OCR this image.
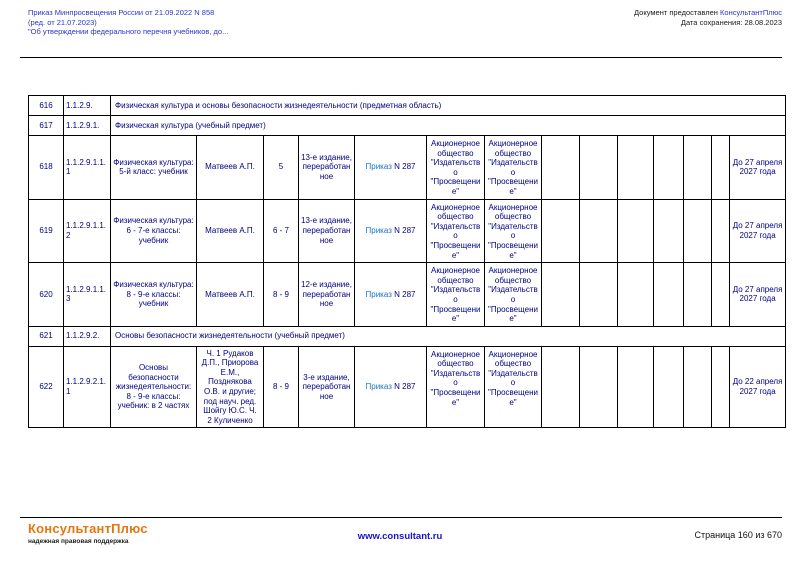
Приказ Минпросвещения России от 21.09.2022 N 858
(ред. от 21.07.2023)
"Об утверждении федерального перечня учебников, до...
Документ предоставлен КонсультантПлюс
Дата сохранения: 28.08.2023
616	1.1.2.9.	Физическая культура и основы безопасности жизнедеятельности (предметная область)													
617	1.1.2.9.1.	Физическая культура (учебный предмет)													
618	1.1.2.9.1.1.1	Физическая культура: 5-й класс: учебник	Матвеев А.П.	5	13-е издание, переработанное	Приказ N 287	Акционерное общество "Издательство "Просвещение"	Акционерное общество "Издательство "Просвещение"							До 27 апреля 2027 года
619	1.1.2.9.1.1.2	Физическая культура: 6 - 7-е классы: учебник	Матвеев А.П.	6 - 7	13-е издание, переработанное	Приказ N 287	Акционерное общество "Издательство "Просвещение"	Акционерное общество "Издательство "Просвещение"							До 27 апреля 2027 года
620	1.1.2.9.1.1.3	Физическая культура: 8 - 9-е классы: учебник	Матвеев А.П.	8 - 9	12-е издание, переработанное	Приказ N 287	Акционерное общество "Издательство "Просвещение"	Акционерное общество "Издательство "Просвещение"							До 27 апреля 2027 года
621	1.1.2.9.2.	Основы безопасности жизнедеятельности (учебный предмет)													
622	1.1.2.9.2.1.1	Основы безопасности жизнедеятельности: 8 - 9-е классы: учебник: в 2 частях	Ч. 1 Рудаков Д.П., Приорова Е.М., Позднякова О.В. и другие; под науч. ред. Шойгу Ю.С. Ч. 2 Куличенко	8 - 9	3-е издание, переработанное	Приказ N 287	Акционерное общество "Издательство "Просвещение"	Акционерное общество "Издательство "Просвещение"							До 22 апреля 2027 года
КонсультантПлюс
надежная правовая поддержка	www.consultant.ru	Страница 160 из 670
